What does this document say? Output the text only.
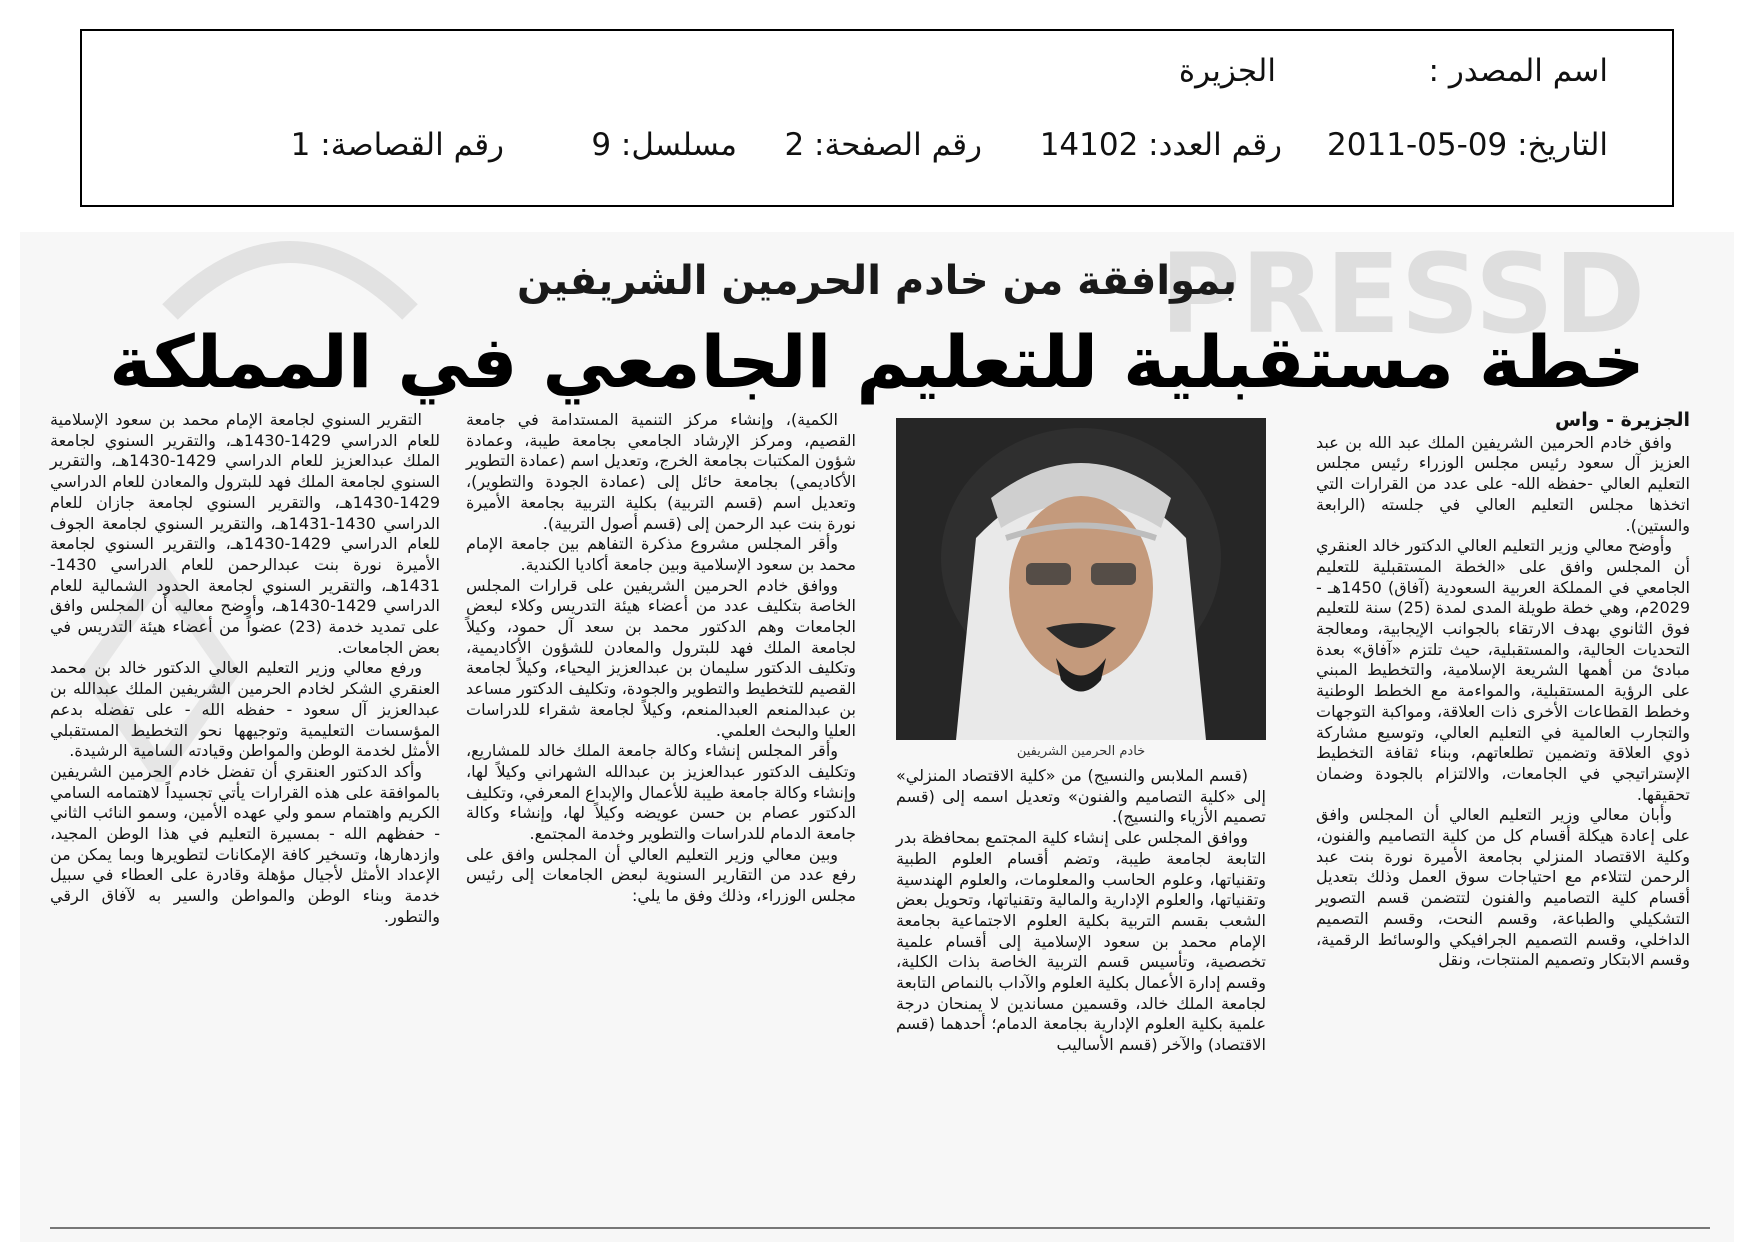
اسم المصدر :
الجزيرة
التاريخ: 09-05-2011
رقم العدد: 14102
رقم الصفحة: 2
مسلسل: 9
رقم القصاصة: 1
PRESSD
بموافقة من خادم الحرمين الشريفين
خطة مستقبلية للتعليم الجامعي في المملكة

الجزيرة - واس

وافق خادم الحرمين الشريفين الملك عبد الله بن عبد العزيز آل سعود رئيس مجلس الوزراء رئيس مجلس التعليم العالي -حفظه الله- على عدد من القرارات التي اتخذها مجلس التعليم العالي في جلسته (الرابعة والستين).

وأوضح معالي وزير التعليم العالي الدكتور خالد العنقري أن المجلس وافق على «الخطة المستقبلية للتعليم الجامعي في المملكة العربية السعودية (آفاق) 1450هـ - 2029م، وهي خطة طويلة المدى لمدة (25) سنة للتعليم فوق الثانوي بهدف الارتقاء بالجوانب الإيجابية، ومعالجة التحديات الحالية، والمستقبلية، حيث تلتزم «آفاق» بعدة مبادئ من أهمها الشريعة الإسلامية، والتخطيط المبني على الرؤية المستقبلية، والمواءمة مع الخطط الوطنية وخطط القطاعات الأخرى ذات العلاقة، ومواكبة التوجهات والتجارب العالمية في التعليم العالي، وتوسيع مشاركة ذوي العلاقة وتضمين تطلعاتهم، وبناء ثقافة التخطيط الإستراتيجي في الجامعات، والالتزام بالجودة وضمان تحقيقها.

وأبان معالي وزير التعليم العالي أن المجلس وافق على إعادة هيكلة أقسام كل من كلية التصاميم والفنون، وكلية الاقتصاد المنزلي بجامعة الأميرة نورة بنت عبد الرحمن لتتلاءم مع احتياجات سوق العمل وذلك بتعديل أقسام كلية التصاميم والفنون لتتضمن قسم التصوير التشكيلي والطباعة، وقسم النحت، وقسم التصميم الداخلي، وقسم التصميم الجرافيكي والوسائط الرقمية، وقسم الابتكار وتصميم المنتجات، ونقل

خادم الحرمين الشريفين

(قسم الملابس والنسيج) من «كلية الاقتصاد المنزلي» إلى «كلية التصاميم والفنون» وتعديل اسمه إلى (قسم تصميم الأزياء والنسيج).

ووافق المجلس على إنشاء كلية المجتمع بمحافظة بدر التابعة لجامعة طيبة، وتضم أقسام العلوم الطبية وتقنياتها، وعلوم الحاسب والمعلومات، والعلوم الهندسية وتقنياتها، والعلوم الإدارية والمالية وتقنياتها، وتحويل بعض الشعب بقسم التربية بكلية العلوم الاجتماعية بجامعة الإمام محمد بن سعود الإسلامية إلى أقسام علمية تخصصية، وتأسيس قسم التربية الخاصة بذات الكلية، وقسم إدارة الأعمال بكلية العلوم والآداب بالنماص التابعة لجامعة الملك خالد، وقسمين مساندين لا يمنحان درجة علمية بكلية العلوم الإدارية بجامعة الدمام؛ أحدهما (قسم الاقتصاد) والآخر (قسم الأساليب

الكمية)، وإنشاء مركز التنمية المستدامة في جامعة القصيم، ومركز الإرشاد الجامعي بجامعة طيبة، وعمادة شؤون المكتبات بجامعة الخرج، وتعديل اسم (عمادة التطوير الأكاديمي) بجامعة حائل إلى (عمادة الجودة والتطوير)، وتعديل اسم (قسم التربية) بكلية التربية بجامعة الأميرة نورة بنت عبد الرحمن إلى (قسم أصول التربية).

وأقر المجلس مشروع مذكرة التفاهم بين جامعة الإمام محمد بن سعود الإسلامية وبين جامعة أكاديا الكندية.

ووافق خادم الحرمين الشريفين على قرارات المجلس الخاصة بتكليف عدد من أعضاء هيئة التدريس وكلاء لبعض الجامعات وهم الدكتور محمد بن سعد آل حمود، وكيلاً لجامعة الملك فهد للبترول والمعادن للشؤون الأكاديمية، وتكليف الدكتور سليمان بن عبدالعزيز اليحياء، وكيلاً لجامعة القصيم للتخطيط والتطوير والجودة، وتكليف الدكتور مساعد بن عبدالمنعم العبدالمنعم، وكيلاً لجامعة شقراء للدراسات العليا والبحث العلمي.

وأقر المجلس إنشاء وكالة جامعة الملك خالد للمشاريع، وتكليف الدكتور عبدالعزيز بن عبدالله الشهراني وكيلاً لها، وإنشاء وكالة جامعة طيبة للأعمال والإبداع المعرفي، وتكليف الدكتور عصام بن حسن عويضه وكيلاً لها، وإنشاء وكالة جامعة الدمام للدراسات والتطوير وخدمة المجتمع.

وبين معالي وزير التعليم العالي أن المجلس وافق على رفع عدد من التقارير السنوية لبعض الجامعات إلى رئيس مجلس الوزراء، وذلك وفق ما يلي:

التقرير السنوي لجامعة الإمام محمد بن سعود الإسلامية للعام الدراسي 1429-1430هـ، والتقرير السنوي لجامعة الملك عبدالعزيز للعام الدراسي 1429-1430هـ، والتقرير السنوي لجامعة الملك فهد للبترول والمعادن للعام الدراسي 1429-1430هـ، والتقرير السنوي لجامعة جازان للعام الدراسي 1430-1431هـ، والتقرير السنوي لجامعة الجوف للعام الدراسي 1429-1430هـ، والتقرير السنوي لجامعة الأميرة نورة بنت عبدالرحمن للعام الدراسي 1430-1431هـ، والتقرير السنوي لجامعة الحدود الشمالية للعام الدراسي 1429-1430هـ، وأوضح معاليه أن المجلس وافق على تمديد خدمة (23) عضواً من أعضاء هيئة التدريس في بعض الجامعات.

ورفع معالي وزير التعليم العالي الدكتور خالد بن محمد العنقري الشكر لخادم الحرمين الشريفين الملك عبدالله بن عبدالعزيز آل سعود - حفظه الله - على تفضله بدعم المؤسسات التعليمية وتوجيهها نحو التخطيط المستقبلي الأمثل لخدمة الوطن والمواطن وقيادته السامية الرشيدة.

وأكد الدكتور العنقري أن تفضل خادم الحرمين الشريفين بالموافقة على هذه القرارات يأتي تجسيداً لاهتمامه السامي الكريم واهتمام سمو ولي عهده الأمين، وسمو النائب الثاني - حفظهم الله - بمسيرة التعليم في هذا الوطن المجيد، وازدهارها، وتسخير كافة الإمكانات لتطويرها وبما يمكن من الإعداد الأمثل لأجيال مؤهلة وقادرة على العطاء في سبيل خدمة وبناء الوطن والمواطن والسير به لآفاق الرقي والتطور.
